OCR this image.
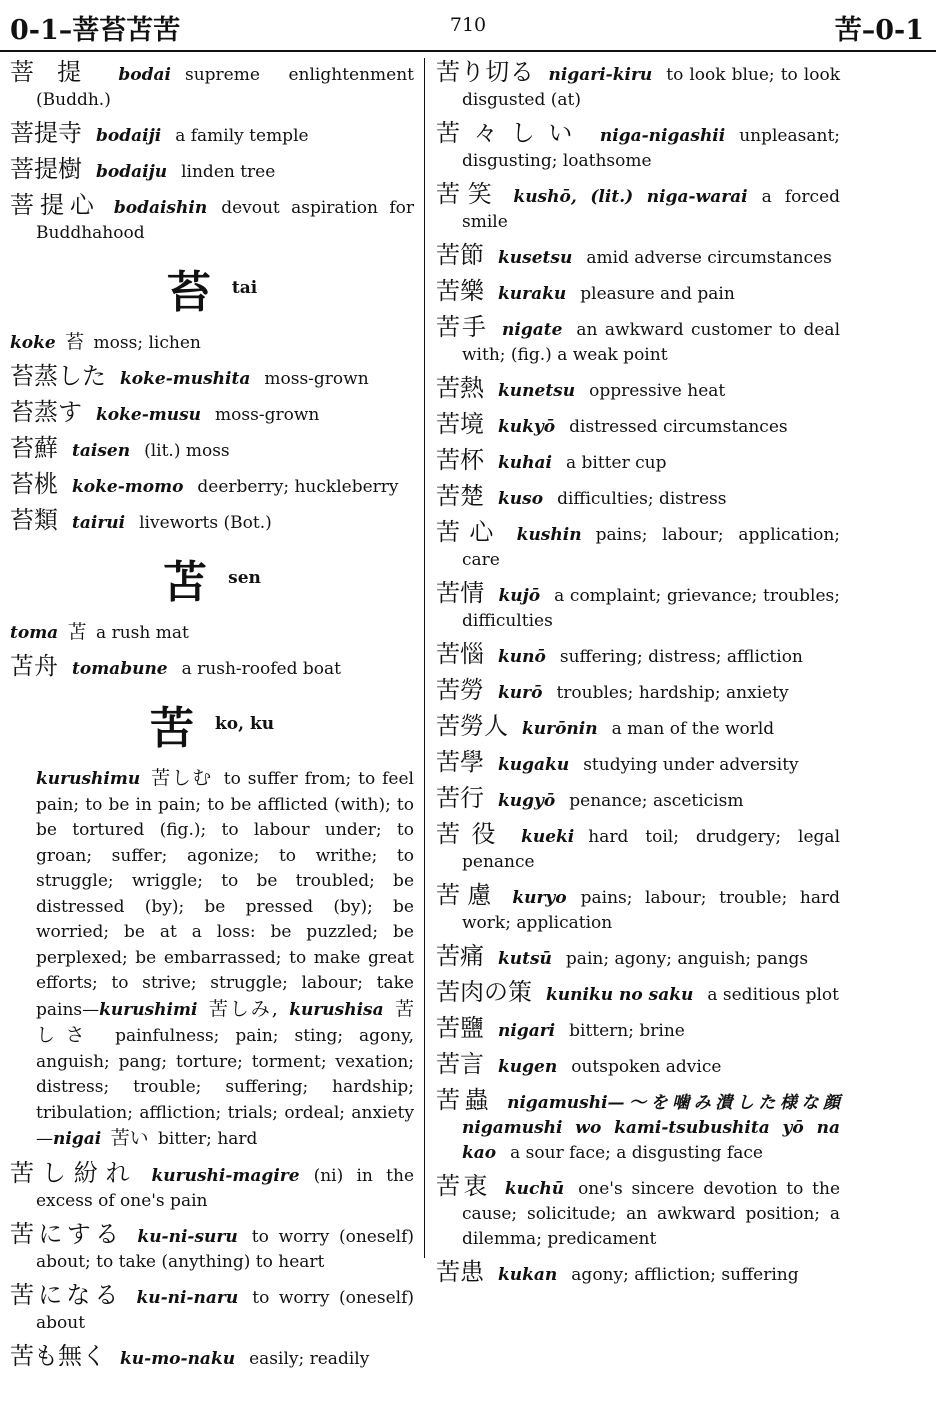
0-1–菩苔苫苦	710	苦–0-1
菩提 bodai supreme enlightenment (Buddh.)
菩提寺 bodaiji a family temple
菩提樹 bodaiju linden tree
菩提心 bodaishin devout aspiration for Buddhahood
苔 tai
koke 苔 moss; lichen
苔蒸した koke-mushita moss-grown
苔蒸す koke-musu moss-grown
苔蘚 taisen (lit.) moss
苔桃 koke-momo deerberry; huckleberry
苔類 tairui liveworts (Bot.)
苫 sen
toma 苫 a rush mat
苫舟 tomabune a rush-roofed boat
苦 ko, ku
kurushimu 苦しむ to suffer from; to feel pain; to be in pain; to be afflicted (with); to be tortured (fig.); to labour under; to groan; suffer; agonize; to writhe; to struggle; wriggle; to be troubled; be distressed (by); be pressed (by); be worried; be at a loss: be puzzled; be perplexed; be embarrassed; to make great efforts; to strive; struggle; labour; take pains—kurushimi 苦しみ, kurushisa 苦しさ painfulness; pain; sting; agony, anguish; pang; torture; torment; vexation; distress; trouble; suffering; hardship; tribulation; affliction; trials; ordeal; anxiety—nigai 苦い bitter; hard
苦し紛れ kurushi-magire (ni) in the excess of one's pain
苦にする ku-ni-suru to worry (oneself) about; to take (anything) to heart
苦になる ku-ni-naru to worry (oneself) about
苦も無く ku-mo-naku easily; readily
苦り切る nigari-kiru to look blue; to look disgusted (at)
苦々しい niga-nigashii unpleasant; disgusting; loathsome
苦笑 kushō, (lit.) niga-warai a forced smile
苦節 kusetsu amid adverse circumstances
苦樂 kuraku pleasure and pain
苦手 nigate an awkward customer to deal with; (fig.) a weak point
苦熱 kunetsu oppressive heat
苦境 kukyō distressed circumstances
苦杯 kuhai a bitter cup
苦楚 kuso difficulties; distress
苦心 kushin pains; labour; application; care
苦情 kujō a complaint; grievance; troubles; difficulties
苦惱 kunō suffering; distress; affliction
苦勞 kurō troubles; hardship; anxiety
苦勞人 kurōnin a man of the world
苦學 kugaku studying under adversity
苦行 kugyō penance; asceticism
苦役 kueki hard toil; drudgery; legal penance
苦慮 kuryo pains; labour; trouble; hard work; application
苦痛 kutsū pain; agony; anguish; pangs
苦肉の策 kuniku no saku a seditious plot
苦鹽 nigari bittern; brine
苦言 kugen outspoken advice
苦蟲 nigamushi—〜を噛み潰した様な顔 nigamushi wo kami-tsubushita yō na kao a sour face; a disgusting face
苦衷 kuchū one's sincere devotion to the cause; solicitude; an awkward position; a dilemma; predicament
苦患 kukan agony; affliction; suffering
